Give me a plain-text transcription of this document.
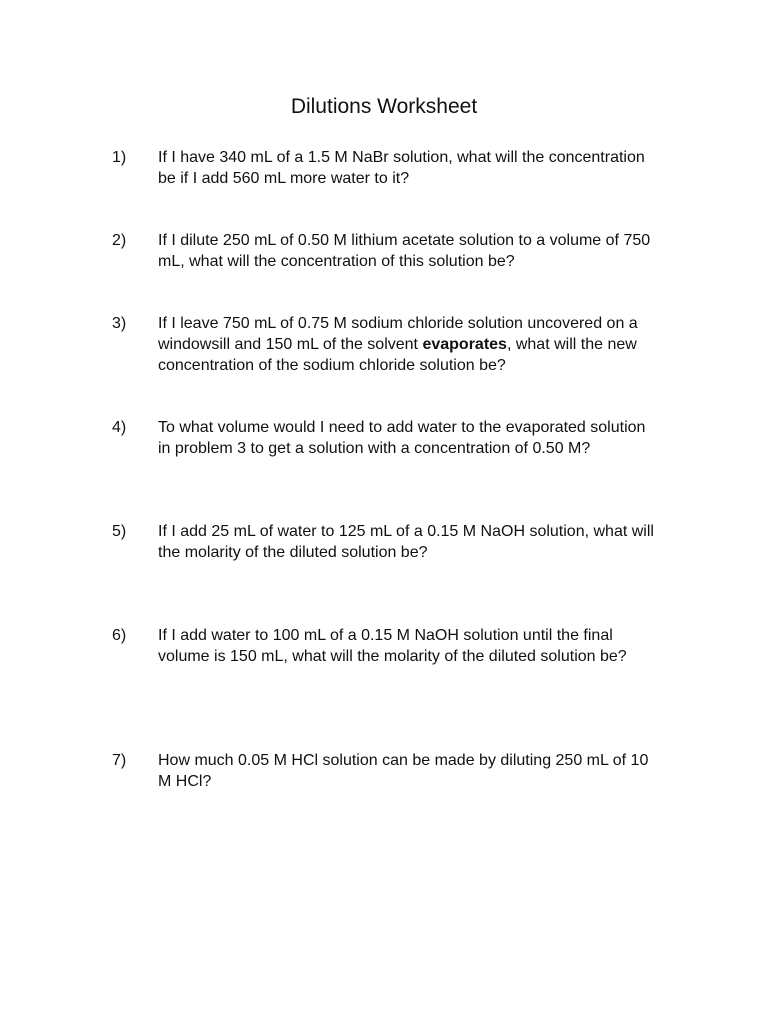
Dilutions Worksheet
1) If I have 340 mL of a 1.5 M NaBr solution, what will the concentration be if I add 560 mL more water to it?
2) If I dilute 250 mL of 0.50 M lithium acetate solution to a volume of 750 mL, what will the concentration of this solution be?
3) If I leave 750 mL of 0.75 M sodium chloride solution uncovered on a windowsill and 150 mL of the solvent evaporates, what will the new concentration of the sodium chloride solution be?
4) To what volume would I need to add water to the evaporated solution in problem 3 to get a solution with a concentration of 0.50 M?
5) If I add 25 mL of water to 125 mL of a 0.15 M NaOH solution, what will the molarity of the diluted solution be?
6) If I add water to 100 mL of a 0.15 M NaOH solution until the final volume is 150 mL, what will the molarity of the diluted solution be?
7) How much 0.05 M HCl solution can be made by diluting 250 mL of 10 M HCl?
